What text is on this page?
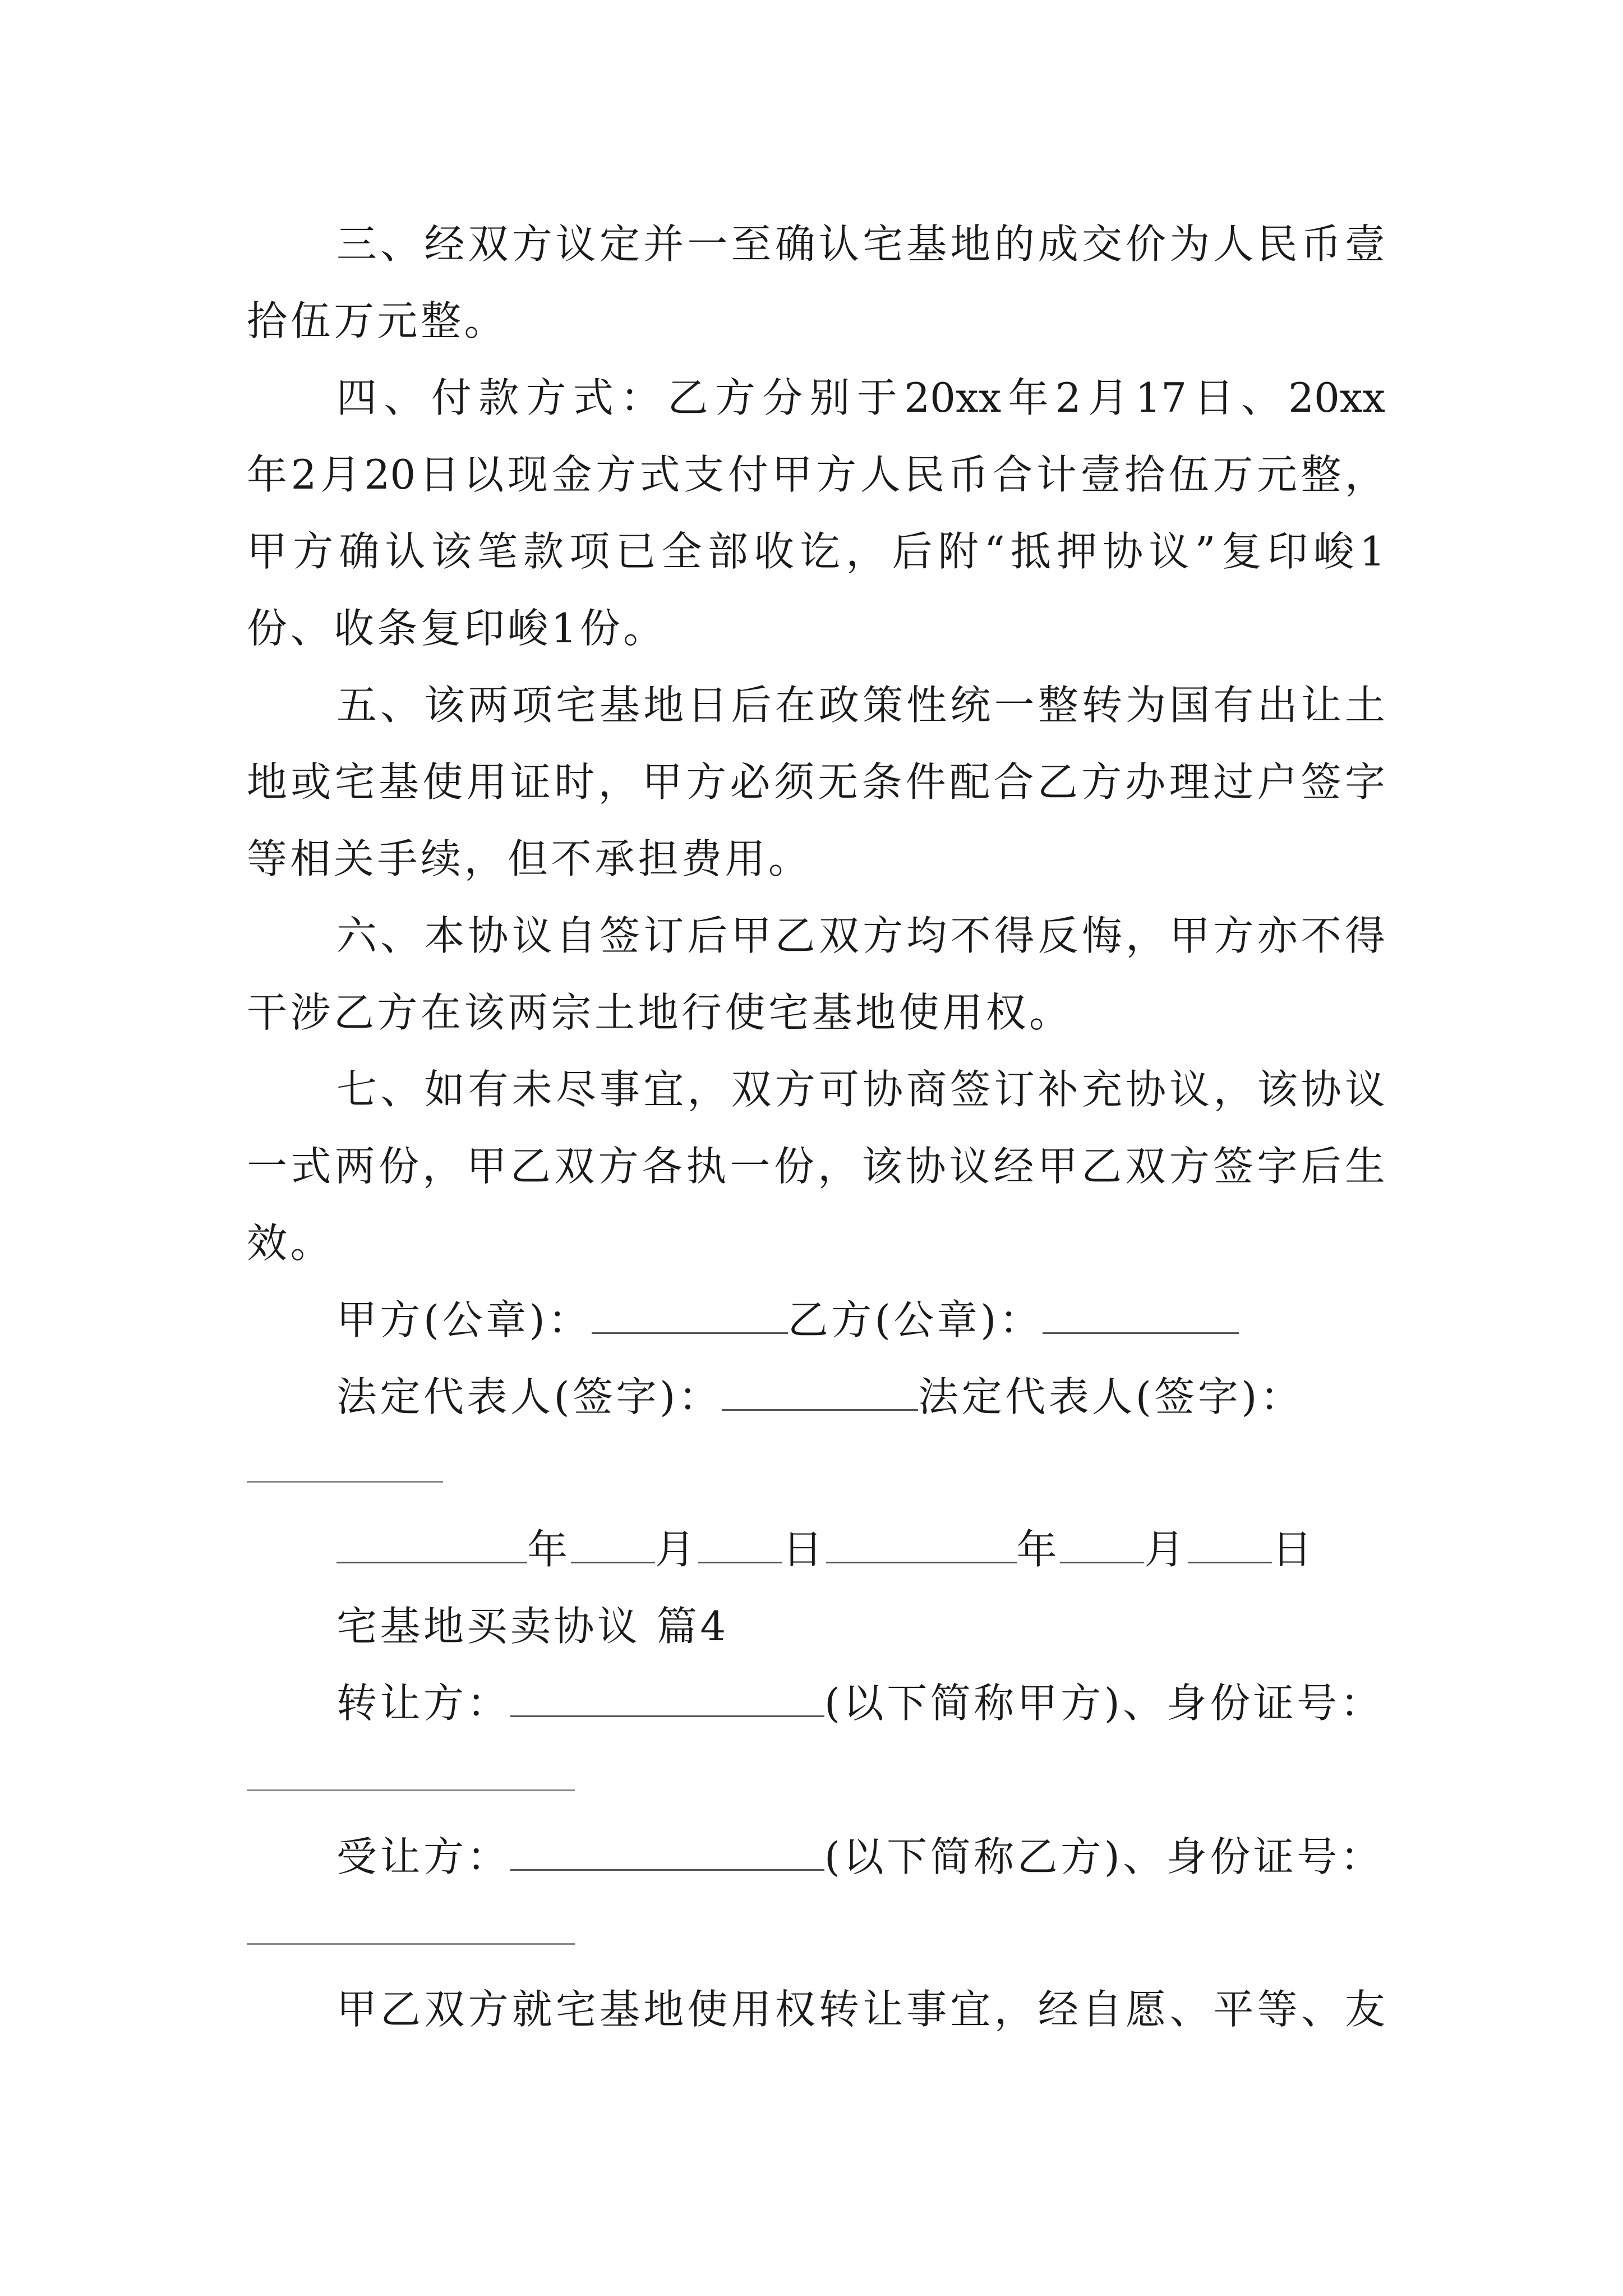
三、经双方议定并一至确认宅基地的成交价为人民币壹
拾伍万元整。
四、付款方式：乙方分别于20xx年2月17日、20xx
年2月20日以现金方式支付甲方人民币合计壹拾伍万元整，
甲方确认该笔款项已全部收讫，后附“抵押协议”复印峻1
份、收条复印峻1份。
五、该两项宅基地日后在政策性统一整转为国有出让土
地或宅基使用证时，甲方必须无条件配合乙方办理过户签字
等相关手续，但不承担费用。
六、本协议自签订后甲乙双方均不得反悔，甲方亦不得
干涉乙方在该两宗土地行使宅基地使用权。
七、如有未尽事宜，双方可协商签订补充协议，该协议
一式两份，甲乙双方各执一份，该协议经甲乙双方签字后生
效。
甲方(公章)：	乙方(公章)：
法定代表人(签字)：	法定代表人(签字)：
年 月 日	年 月 日
宅基地买卖协议 篇4
转让方：	(以下简称甲方)、身份证号：
受让方：	(以下简称乙方)、身份证号：
甲乙双方就宅基地使用权转让事宜，经自愿、平等、友
